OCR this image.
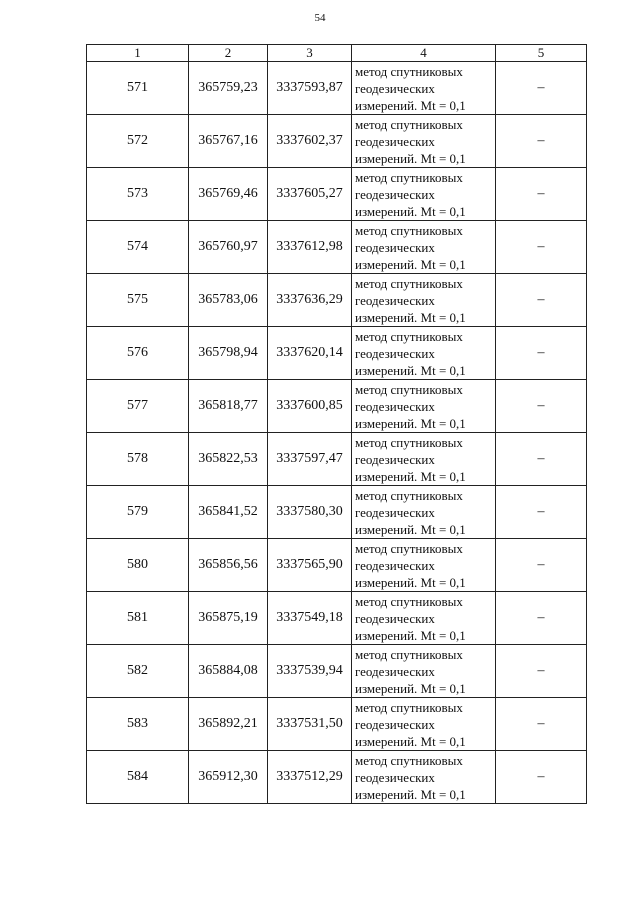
54
1	2	3	4	5
571	365759,23	3337593,87	метод спутниковых
геодезических
измерений. Mt = 0,1	–
572	365767,16	3337602,37	метод спутниковых
геодезических
измерений. Mt = 0,1	–
573	365769,46	3337605,27	метод спутниковых
геодезических
измерений. Mt = 0,1	–
574	365760,97	3337612,98	метод спутниковых
геодезических
измерений. Mt = 0,1	–
575	365783,06	3337636,29	метод спутниковых
геодезических
измерений. Mt = 0,1	–
576	365798,94	3337620,14	метод спутниковых
геодезических
измерений. Mt = 0,1	–
577	365818,77	3337600,85	метод спутниковых
геодезических
измерений. Mt = 0,1	–
578	365822,53	3337597,47	метод спутниковых
геодезических
измерений. Mt = 0,1	–
579	365841,52	3337580,30	метод спутниковых
геодезических
измерений. Mt = 0,1	–
580	365856,56	3337565,90	метод спутниковых
геодезических
измерений. Mt = 0,1	–
581	365875,19	3337549,18	метод спутниковых
геодезических
измерений. Mt = 0,1	–
582	365884,08	3337539,94	метод спутниковых
геодезических
измерений. Mt = 0,1	–
583	365892,21	3337531,50	метод спутниковых
геодезических
измерений. Mt = 0,1	–
584	365912,30	3337512,29	метод спутниковых
геодезических
измерений. Mt = 0,1	–
